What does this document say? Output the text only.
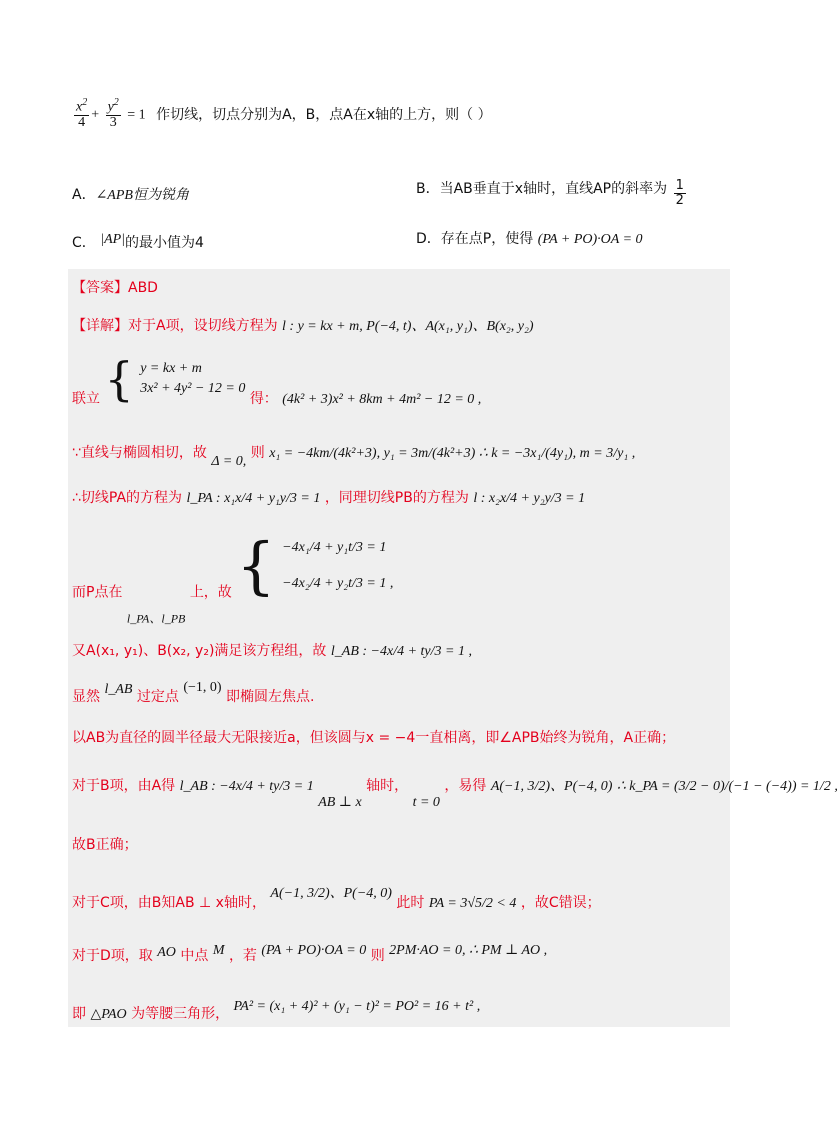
$\frac{x^2}{4} + \frac{y^2}{3} = 1$ 作切线，切点分别为A，B，点A在x轴的上方，则（ ）
A．∠APB恒为锐角	B．当AB垂直于x轴时，直线AP的斜率为 $\frac{1}{2}$
C． |AP|的最小值为4	D．存在点P，使得 (PA + PO)·OA = 0
【答案】ABD
【详解】对于A项，设切线方程为 l : y = kx + m, P(−4, t)、A(x₁, y₁)、B(x₂, y₂)
联立 { y = kx + m
3x² + 4y² − 12 = 0
得： (4k² + 3)x² + 8km + 4m² − 12 = 0 ,
∵直线与椭圆相切，故 Δ = 0, 则 x₁ = −4km/(4k²+3), y₁ = 3m/(4k²+3) ∴ k = −3x₁/(4y₁), m = 3/y₁ ,
∴切线PA的方程为 l_PA : x₁x/4 + y₁y/3 = 1 ，同理切线PB的方程为 l : x₂x/4 + y₂y/3 = 1
而P点在 l_PA、l_PB 上，故 { −4x₁/4 + y₁t/3 = 1
−4x₂/4 + y₂t/3 = 1 ,
又A(x₁, y₁)、B(x₂, y₂)满足该方程组，故 l_AB : −4x/4 + ty/3 = 1 ,
显然 l_AB 过定点 (−1, 0) 即椭圆左焦点.
以AB为直径的圆半径最大无限接近a，但该圆与x = −4一直相离，即∠APB始终为锐角，A正确；
对于B项，由A得 l_AB : −4x/4 + ty/3 = 1 AB ⊥ x 轴时， t = 0 ，易得 A(−1, 3/2)、P(−4, 0) ∴ k_PA = (3/2 − 0)/(−1 − (−4)) = 1/2 ,
故B正确；
对于C项，由B知AB ⊥ x轴时， A(−1, 3/2)、P(−4, 0) 此时 PA = 3√5/2 < 4 ，故C错误；
对于D项，取 AO 中点 M ，若 (PA + PO)·OA = 0 则 2PM·AO = 0, ∴ PM ⊥ AO ,
即 △PAO 为等腰三角形， PA² = (x₁ + 4)² + (y₁ − t)² = PO² = 16 + t² ,
